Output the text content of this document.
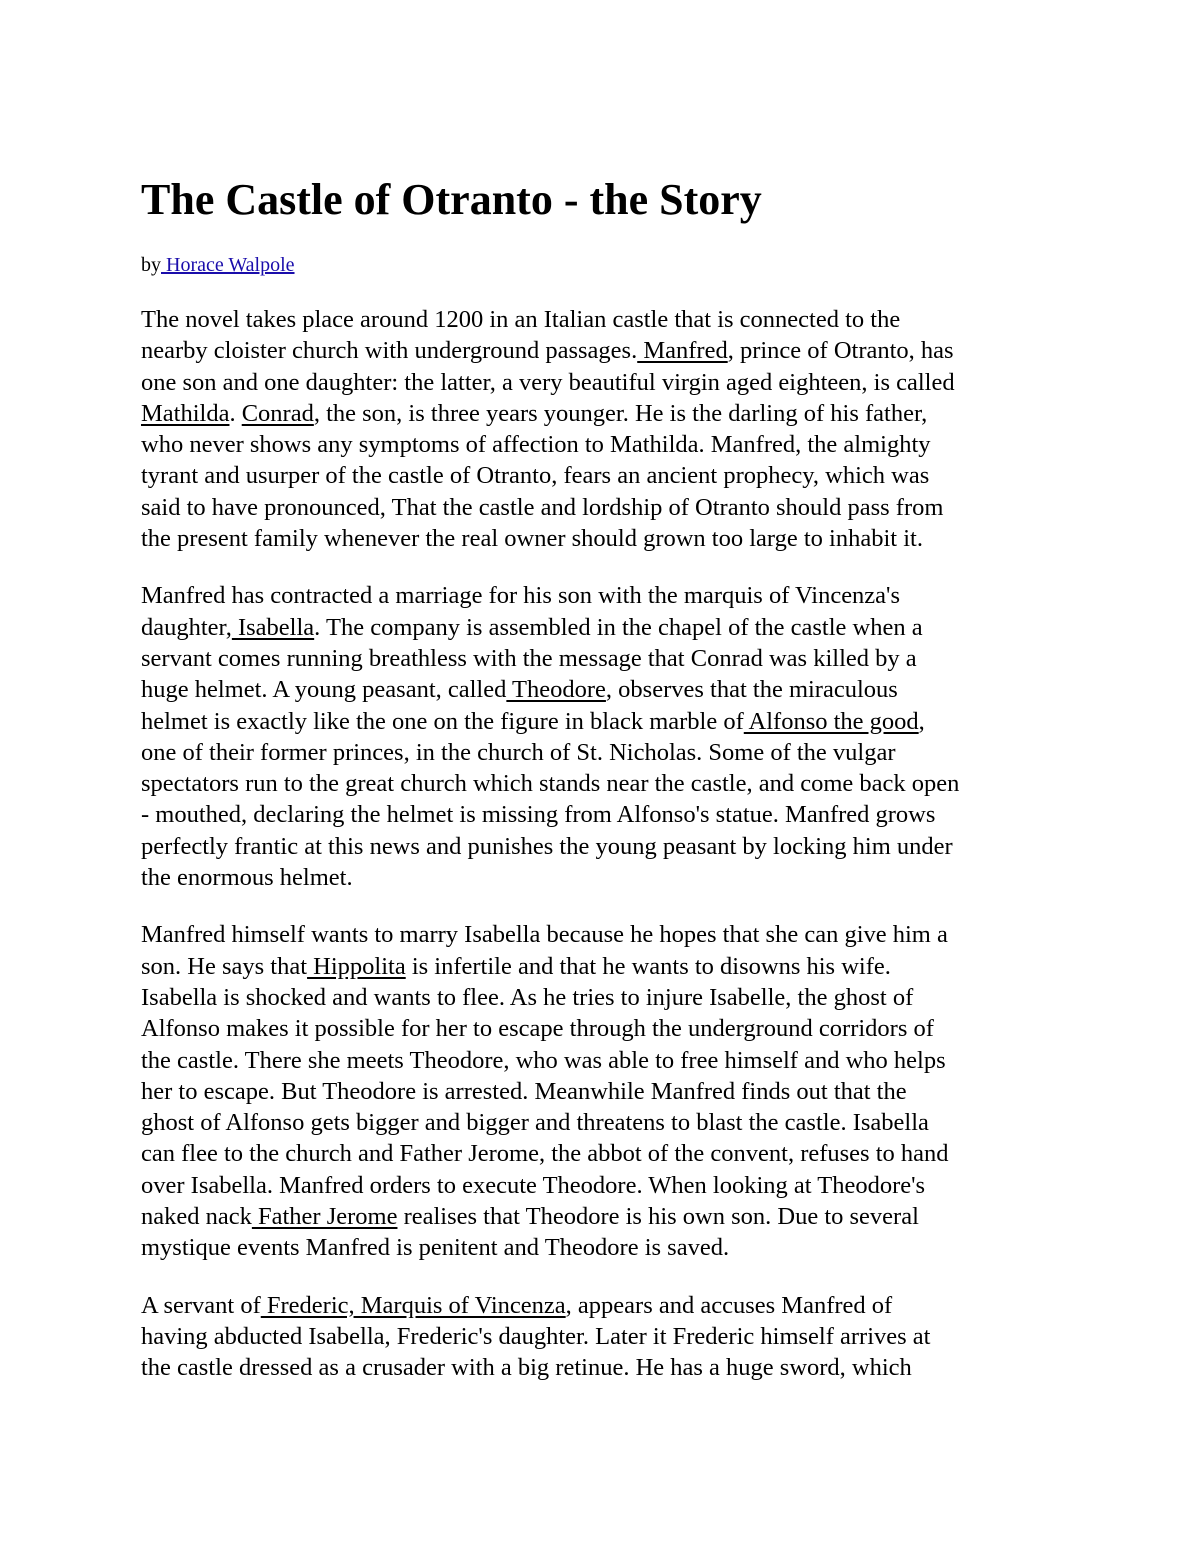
The Castle of Otranto - the Story
by Horace Walpole
The novel takes place around 1200 in an Italian castle that is connected to the
nearby cloister church with underground passages. Manfred, prince of Otranto, has
one son and one daughter: the latter, a very beautiful virgin aged eighteen, is called
Mathilda. Conrad, the son, is three years younger. He is the darling of his father,
who never shows any symptoms of affection to Mathilda. Manfred, the almighty
tyrant and usurper of the castle of Otranto, fears an ancient prophecy, which was
said to have pronounced, That the castle and lordship of Otranto should pass from
the present family whenever the real owner should grown too large to inhabit it.
Manfred has contracted a marriage for his son with the marquis of Vincenza's
daughter, Isabella. The company is assembled in the chapel of the castle when a
servant comes running breathless with the message that Conrad was killed by a
huge helmet. A young peasant, called Theodore, observes that the miraculous
helmet is exactly like the one on the figure in black marble of Alfonso the good,
one of their former princes, in the church of St. Nicholas. Some of the vulgar
spectators run to the great church which stands near the castle, and come back open
- mouthed, declaring the helmet is missing from Alfonso's statue. Manfred grows
perfectly frantic at this news and punishes the young peasant by locking him under
the enormous helmet.
Manfred himself wants to marry Isabella because he hopes that she can give him a
son. He says that Hippolita is infertile and that he wants to disowns his wife.
Isabella is shocked and wants to flee. As he tries to injure Isabelle, the ghost of
Alfonso makes it possible for her to escape through the underground corridors of
the castle. There she meets Theodore, who was able to free himself and who helps
her to escape. But Theodore is arrested. Meanwhile Manfred finds out that the
ghost of Alfonso gets bigger and bigger and threatens to blast the castle. Isabella
can flee to the church and Father Jerome, the abbot of the convent, refuses to hand
over Isabella. Manfred orders to execute Theodore. When looking at Theodore's
naked nack Father Jerome realises that Theodore is his own son. Due to several
mystique events Manfred is penitent and Theodore is saved.
A servant of Frederic, Marquis of Vincenza, appears and accuses Manfred of
having abducted Isabella, Frederic's daughter. Later it Frederic himself arrives at
the castle dressed as a crusader with a big retinue. He has a huge sword, which
